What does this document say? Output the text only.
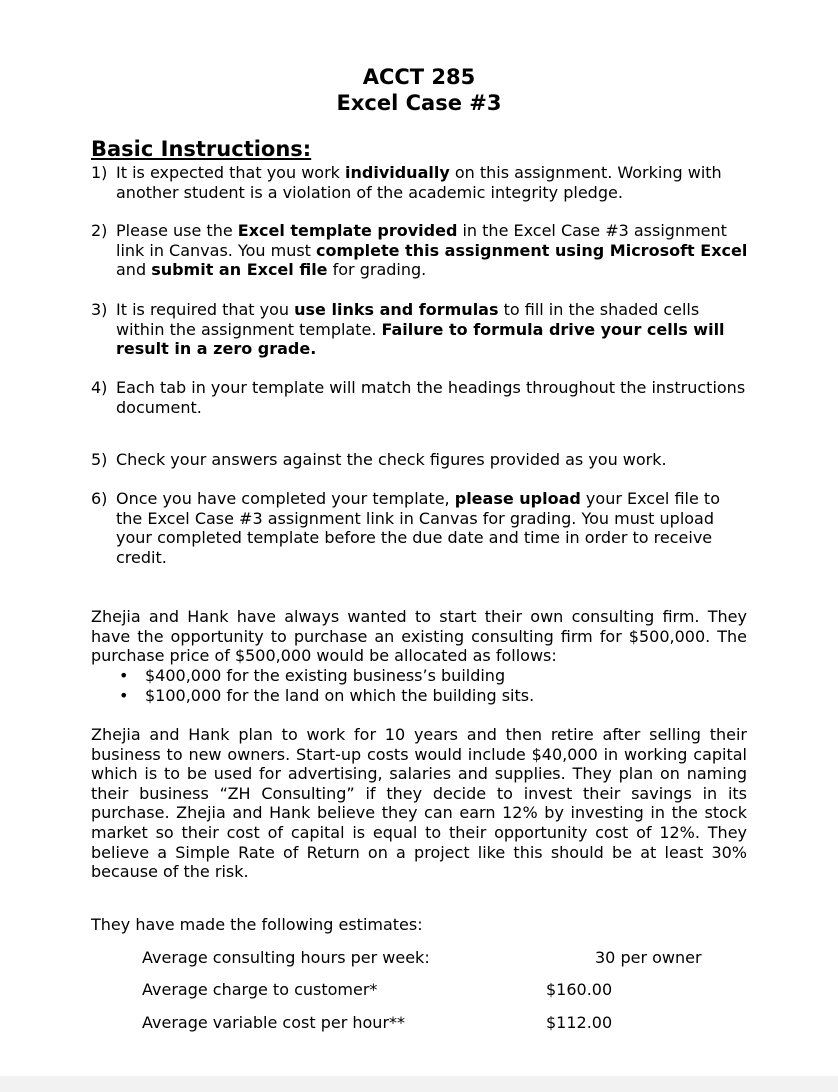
ACCT 285
Excel Case #3
Basic Instructions:
1) It is expected that you work individually on this assignment. Working with another student is a violation of the academic integrity pledge.
2) Please use the Excel template provided in the Excel Case #3 assignment link in Canvas. You must complete this assignment using Microsoft Excel and submit an Excel file for grading.
3) It is required that you use links and formulas to fill in the shaded cells within the assignment template. Failure to formula drive your cells will result in a zero grade.
4) Each tab in your template will match the headings throughout the instructions document.
5) Check your answers against the check figures provided as you work.
6) Once you have completed your template, please upload your Excel file to the Excel Case #3 assignment link in Canvas for grading. You must upload your completed template before the due date and time in order to receive credit.
Zhejia and Hank have always wanted to start their own consulting firm. They have the opportunity to purchase an existing consulting firm for $500,000. The purchase price of $500,000 would be allocated as follows:
• $400,000 for the existing business’s building
• $100,000 for the land on which the building sits.
Zhejia and Hank plan to work for 10 years and then retire after selling their business to new owners. Start-up costs would include $40,000 in working capital which is to be used for advertising, salaries and supplies. They plan on naming their business “ZH Consulting” if they decide to invest their savings in its purchase. Zhejia and Hank believe they can earn 12% by investing in the stock market so their cost of capital is equal to their opportunity cost of 12%. They believe a Simple Rate of Return on a project like this should be at least 30% because of the risk.
They have made the following estimates:
Average consulting hours per week:	30 per owner
Average charge to customer*	$160.00
Average variable cost per hour**	$112.00
